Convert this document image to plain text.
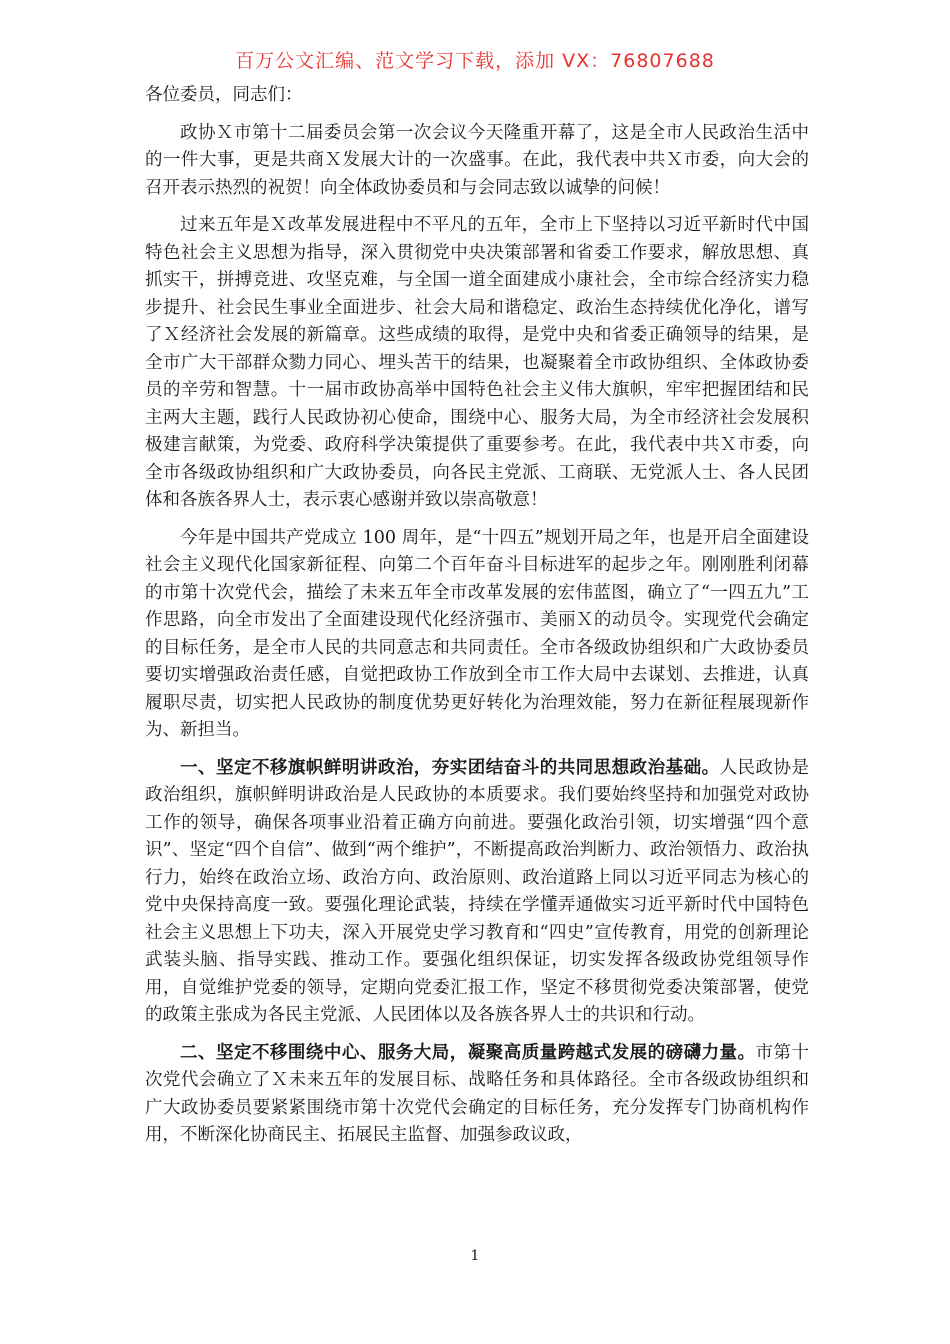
百万公文汇编、范文学习下载，添加 VX：76807688

各位委员，同志们：

政协Ｘ市第十二届委员会第一次会议今天隆重开幕了，这是全市人民政治生活中的一件大事，更是共商Ｘ发展大计的一次盛事。在此，我代表中共Ｘ市委，向大会的召开表示热烈的祝贺！向全体政协委员和与会同志致以诚挚的问候！

过来五年是Ｘ改革发展进程中不平凡的五年，全市上下坚持以习近平新时代中国特色社会主义思想为指导，深入贯彻党中央决策部署和省委工作要求，解放思想、真抓实干，拼搏竞进、攻坚克难，与全国一道全面建成小康社会，全市综合经济实力稳步提升、社会民生事业全面进步、社会大局和谐稳定、政治生态持续优化净化，谱写了Ｘ经济社会发展的新篇章。这些成绩的取得，是党中央和省委正确领导的结果，是全市广大干部群众勠力同心、埋头苦干的结果，也凝聚着全市政协组织、全体政协委员的辛劳和智慧。十一届市政协高举中国特色社会主义伟大旗帜，牢牢把握团结和民主两大主题，践行人民政协初心使命，围绕中心、服务大局，为全市经济社会发展积极建言献策，为党委、政府科学决策提供了重要参考。在此，我代表中共Ｘ市委，向全市各级政协组织和广大政协委员，向各民主党派、工商联、无党派人士、各人民团体和各族各界人士，表示衷心感谢并致以崇高敬意！

今年是中国共产党成立 100 周年，是“十四五”规划开局之年，也是开启全面建设社会主义现代化国家新征程、向第二个百年奋斗目标进军的起步之年。刚刚胜利闭幕的市第十次党代会，描绘了未来五年全市改革发展的宏伟蓝图，确立了“一四五九”工作思路，向全市发出了全面建设现代化经济强市、美丽Ｘ的动员令。实现党代会确定的目标任务，是全市人民的共同意志和共同责任。全市各级政协组织和广大政协委员要切实增强政治责任感，自觉把政协工作放到全市工作大局中去谋划、去推进，认真履职尽责，切实把人民政协的制度优势更好转化为治理效能，努力在新征程展现新作为、新担当。

一、坚定不移旗帜鲜明讲政治，夯实团结奋斗的共同思想政治基础。人民政协是政治组织，旗帜鲜明讲政治是人民政协的本质要求。我们要始终坚持和加强党对政协工作的领导，确保各项事业沿着正确方向前进。要强化政治引领，切实增强“四个意识”、坚定“四个自信”、做到“两个维护”，不断提高政治判断力、政治领悟力、政治执行力，始终在政治立场、政治方向、政治原则、政治道路上同以习近平同志为核心的党中央保持高度一致。要强化理论武装，持续在学懂弄通做实习近平新时代中国特色社会主义思想上下功夫，深入开展党史学习教育和“四史”宣传教育，用党的创新理论武装头脑、指导实践、推动工作。要强化组织保证，切实发挥各级政协党组领导作用，自觉维护党委的领导，定期向党委汇报工作，坚定不移贯彻党委决策部署，使党的政策主张成为各民主党派、人民团体以及各族各界人士的共识和行动。

二、坚定不移围绕中心、服务大局，凝聚高质量跨越式发展的磅礴力量。市第十次党代会确立了Ｘ未来五年的发展目标、战略任务和具体路径。全市各级政协组织和广大政协委员要紧紧围绕市第十次党代会确定的目标任务，充分发挥专门协商机构作用，不断深化协商民主、拓展民主监督、加强参政议政，

1
